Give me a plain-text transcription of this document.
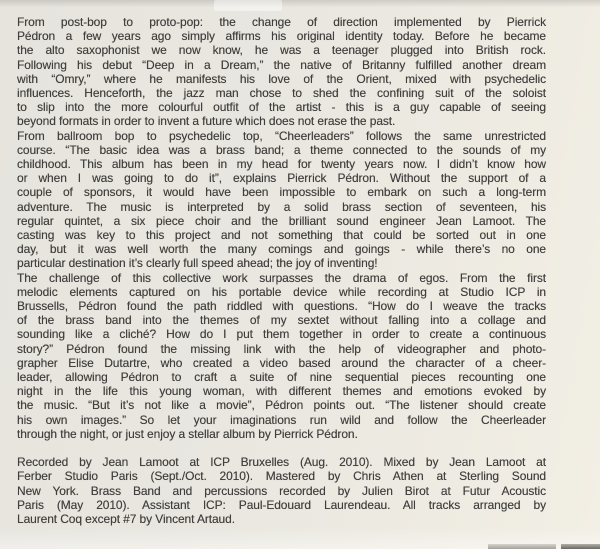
From post-bop to proto-pop: the change of direction implemented by Pierrick
Pédron a few years ago simply affirms his original identity today. Before he became
the alto saxophonist we now know, he was a teenager plugged into British rock.
Following his debut “Deep in a Dream,” the native of Britanny fulfilled another dream
with “Omry,” where he manifests his love of the Orient, mixed with psychedelic
influences. Henceforth, the jazz man chose to shed the confining suit of the soloist
to slip into the more colourful outfit of the artist - this is a guy capable of seeing
beyond formats in order to invent a future which does not erase the past.
From ballroom bop to psychedelic top, “Cheerleaders” follows the same unrestricted
course. “The basic idea was a brass band; a theme connected to the sounds of my
childhood. This album has been in my head for twenty years now. I didn’t know how
or when I was going to do it”, explains Pierrick Pédron. Without the support of a
couple of sponsors, it would have been impossible to embark on such a long-term
adventure. The music is interpreted by a solid brass section of seventeen, his
regular quintet, a six piece choir and the brilliant sound engineer Jean Lamoot. The
casting was key to this project and not something that could be sorted out in one
day, but it was well worth the many comings and goings - while there’s no one
particular destination it’s clearly full speed ahead; the joy of inventing!
The challenge of this collective work surpasses the drama of egos. From the first
melodic elements captured on his portable device while recording at Studio ICP in
Brussells, Pédron found the path riddled with questions. “How do I weave the tracks
of the brass band into the themes of my sextet without falling into a collage and
sounding like a cliché? How do I put them together in order to create a continuous
story?” Pédron found the missing link with the help of videographer and photo-
grapher Elise Dutartre, who created a video based around the character of a cheer-
leader, allowing Pédron to craft a suite of nine sequential pieces recounting one
night in the life this young woman, with different themes and emotions evoked by
the music. “But it’s not like a movie”, Pédron points out. “The listener should create
his own images.” So let your imaginations run wild and follow the Cheerleader
through the night, or just enjoy a stellar album by Pierrick Pédron.
Recorded by Jean Lamoot at ICP Bruxelles (Aug. 2010). Mixed by Jean Lamoot at
Ferber Studio Paris (Sept./Oct. 2010). Mastered by Chris Athen at Sterling Sound
New York. Brass Band and percussions recorded by Julien Birot at Futur Acoustic
Paris (May 2010). Assistant ICP: Paul-Edouard Laurendeau. All tracks arranged by
Laurent Coq except #7 by Vincent Artaud.
